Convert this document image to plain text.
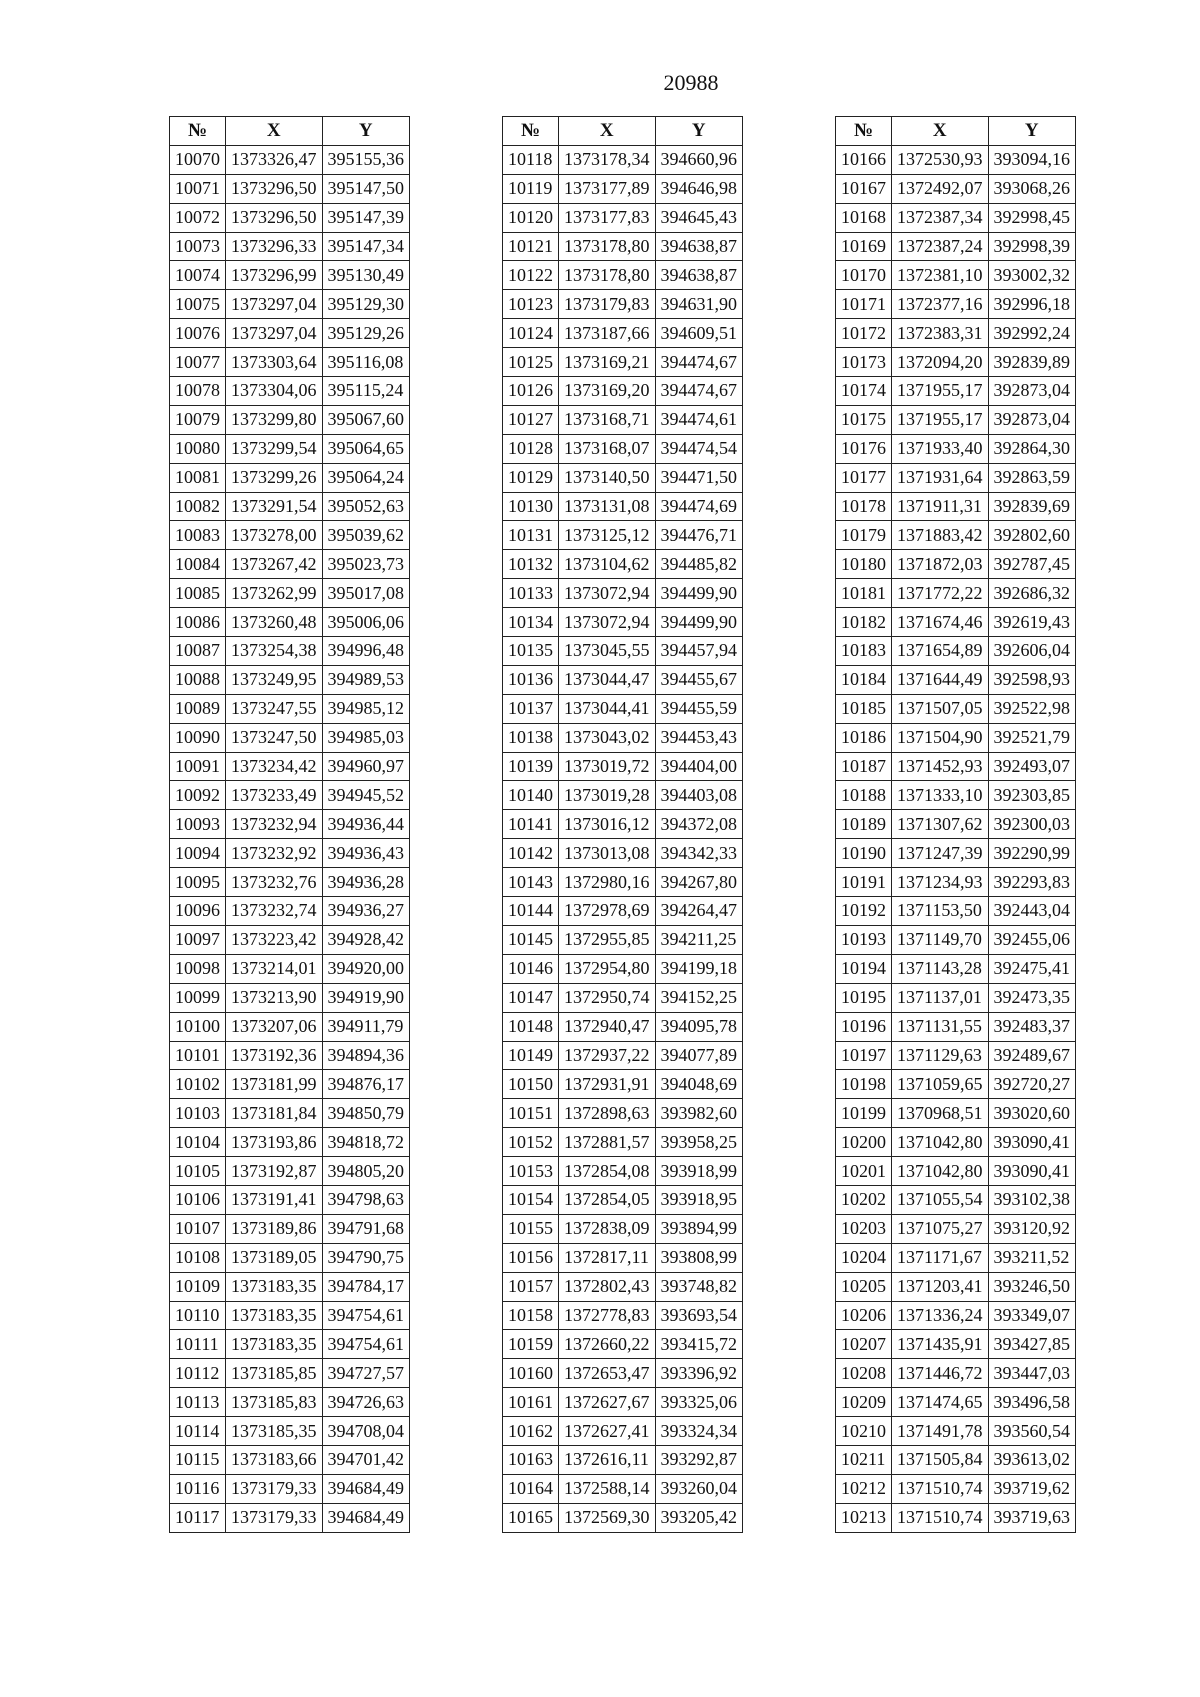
20988
№	X	Y
10070	1373326,47	395155,36
10071	1373296,50	395147,50
10072	1373296,50	395147,39
10073	1373296,33	395147,34
10074	1373296,99	395130,49
10075	1373297,04	395129,30
10076	1373297,04	395129,26
10077	1373303,64	395116,08
10078	1373304,06	395115,24
10079	1373299,80	395067,60
10080	1373299,54	395064,65
10081	1373299,26	395064,24
10082	1373291,54	395052,63
10083	1373278,00	395039,62
10084	1373267,42	395023,73
10085	1373262,99	395017,08
10086	1373260,48	395006,06
10087	1373254,38	394996,48
10088	1373249,95	394989,53
10089	1373247,55	394985,12
10090	1373247,50	394985,03
10091	1373234,42	394960,97
10092	1373233,49	394945,52
10093	1373232,94	394936,44
10094	1373232,92	394936,43
10095	1373232,76	394936,28
10096	1373232,74	394936,27
10097	1373223,42	394928,42
10098	1373214,01	394920,00
10099	1373213,90	394919,90
10100	1373207,06	394911,79
10101	1373192,36	394894,36
10102	1373181,99	394876,17
10103	1373181,84	394850,79
10104	1373193,86	394818,72
10105	1373192,87	394805,20
10106	1373191,41	394798,63
10107	1373189,86	394791,68
10108	1373189,05	394790,75
10109	1373183,35	394784,17
10110	1373183,35	394754,61
10111	1373183,35	394754,61
10112	1373185,85	394727,57
10113	1373185,83	394726,63
10114	1373185,35	394708,04
10115	1373183,66	394701,42
10116	1373179,33	394684,49
10117	1373179,33	394684,49
№	X	Y
10118	1373178,34	394660,96
10119	1373177,89	394646,98
10120	1373177,83	394645,43
10121	1373178,80	394638,87
10122	1373178,80	394638,87
10123	1373179,83	394631,90
10124	1373187,66	394609,51
10125	1373169,21	394474,67
10126	1373169,20	394474,67
10127	1373168,71	394474,61
10128	1373168,07	394474,54
10129	1373140,50	394471,50
10130	1373131,08	394474,69
10131	1373125,12	394476,71
10132	1373104,62	394485,82
10133	1373072,94	394499,90
10134	1373072,94	394499,90
10135	1373045,55	394457,94
10136	1373044,47	394455,67
10137	1373044,41	394455,59
10138	1373043,02	394453,43
10139	1373019,72	394404,00
10140	1373019,28	394403,08
10141	1373016,12	394372,08
10142	1373013,08	394342,33
10143	1372980,16	394267,80
10144	1372978,69	394264,47
10145	1372955,85	394211,25
10146	1372954,80	394199,18
10147	1372950,74	394152,25
10148	1372940,47	394095,78
10149	1372937,22	394077,89
10150	1372931,91	394048,69
10151	1372898,63	393982,60
10152	1372881,57	393958,25
10153	1372854,08	393918,99
10154	1372854,05	393918,95
10155	1372838,09	393894,99
10156	1372817,11	393808,99
10157	1372802,43	393748,82
10158	1372778,83	393693,54
10159	1372660,22	393415,72
10160	1372653,47	393396,92
10161	1372627,67	393325,06
10162	1372627,41	393324,34
10163	1372616,11	393292,87
10164	1372588,14	393260,04
10165	1372569,30	393205,42
№	X	Y
10166	1372530,93	393094,16
10167	1372492,07	393068,26
10168	1372387,34	392998,45
10169	1372387,24	392998,39
10170	1372381,10	393002,32
10171	1372377,16	392996,18
10172	1372383,31	392992,24
10173	1372094,20	392839,89
10174	1371955,17	392873,04
10175	1371955,17	392873,04
10176	1371933,40	392864,30
10177	1371931,64	392863,59
10178	1371911,31	392839,69
10179	1371883,42	392802,60
10180	1371872,03	392787,45
10181	1371772,22	392686,32
10182	1371674,46	392619,43
10183	1371654,89	392606,04
10184	1371644,49	392598,93
10185	1371507,05	392522,98
10186	1371504,90	392521,79
10187	1371452,93	392493,07
10188	1371333,10	392303,85
10189	1371307,62	392300,03
10190	1371247,39	392290,99
10191	1371234,93	392293,83
10192	1371153,50	392443,04
10193	1371149,70	392455,06
10194	1371143,28	392475,41
10195	1371137,01	392473,35
10196	1371131,55	392483,37
10197	1371129,63	392489,67
10198	1371059,65	392720,27
10199	1370968,51	393020,60
10200	1371042,80	393090,41
10201	1371042,80	393090,41
10202	1371055,54	393102,38
10203	1371075,27	393120,92
10204	1371171,67	393211,52
10205	1371203,41	393246,50
10206	1371336,24	393349,07
10207	1371435,91	393427,85
10208	1371446,72	393447,03
10209	1371474,65	393496,58
10210	1371491,78	393560,54
10211	1371505,84	393613,02
10212	1371510,74	393719,62
10213	1371510,74	393719,63
